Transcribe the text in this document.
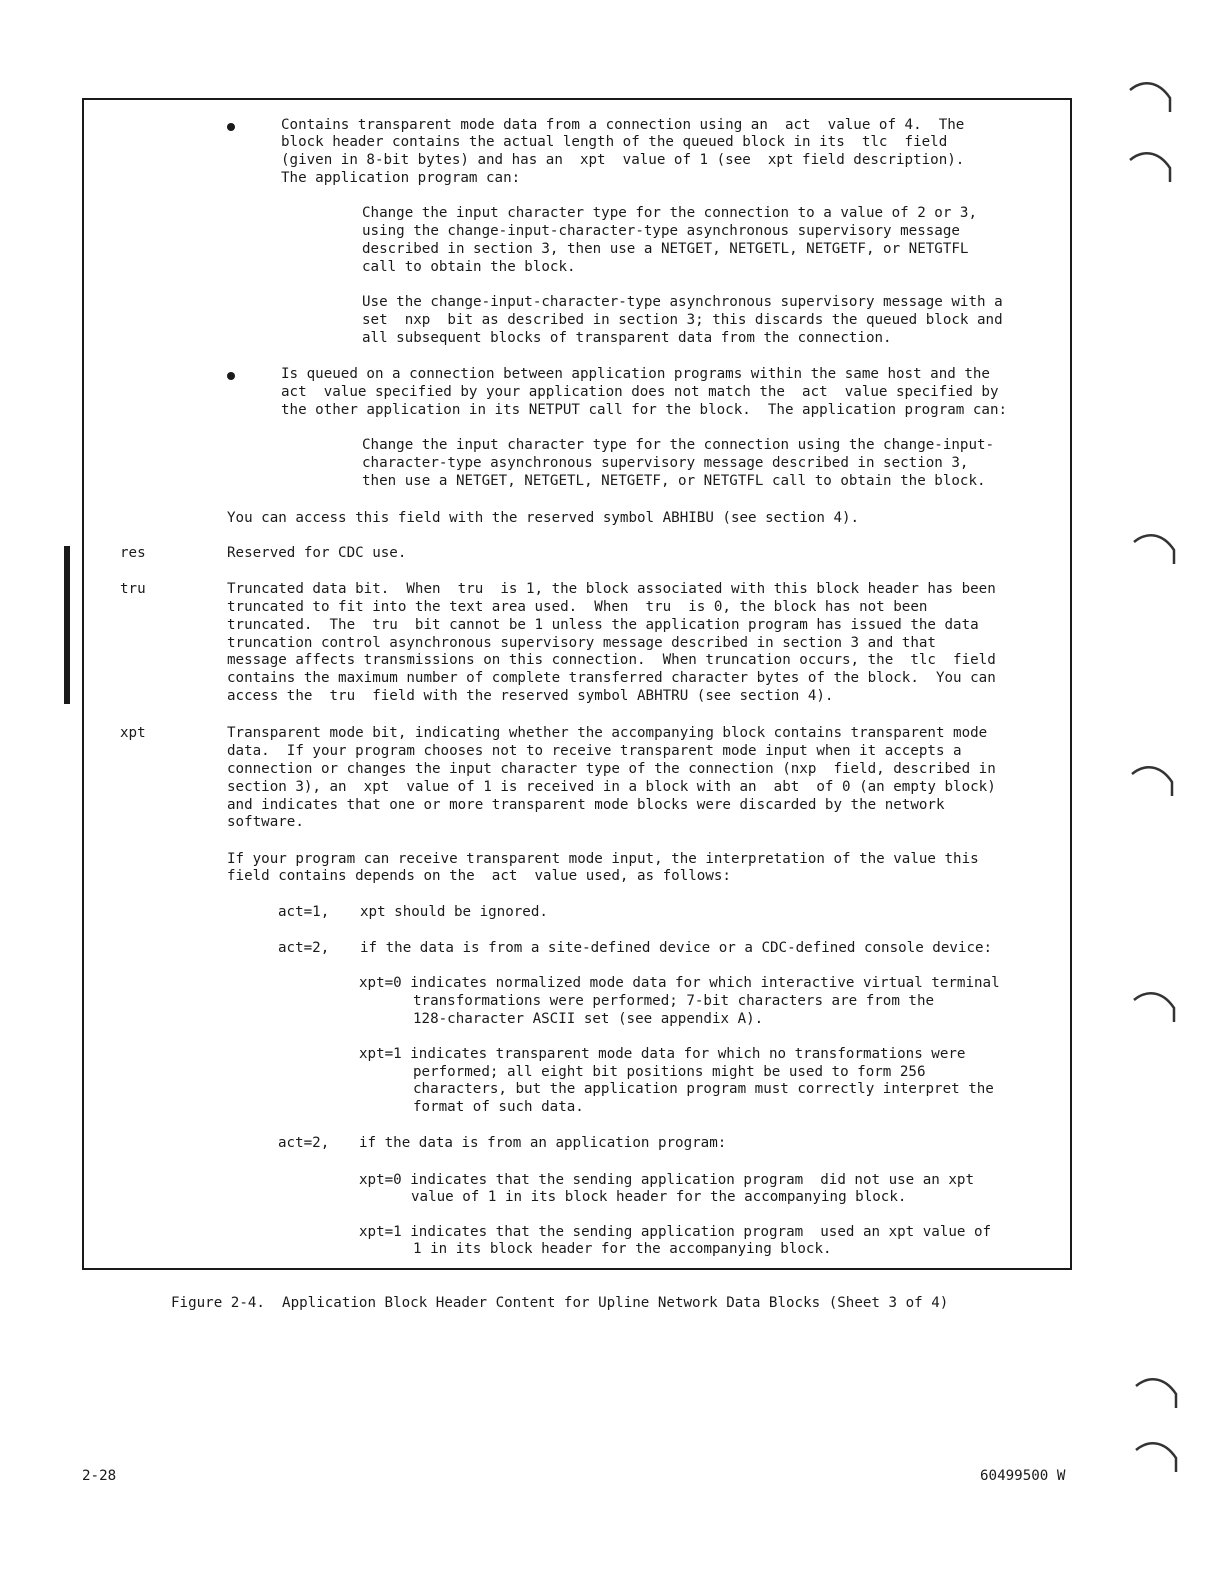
Contains transparent mode data from a connection using an  act  value of 4.  The
block header contains the actual length of the queued block in its  tlc  field
(given in 8-bit bytes) and has an  xpt  value of 1 (see  xpt field description).
The application program can:
Change the input character type for the connection to a value of 2 or 3,
using the change-input-character-type asynchronous supervisory message
described in section 3, then use a NETGET, NETGETL, NETGETF, or NETGTFL
call to obtain the block.
Use the change-input-character-type asynchronous supervisory message with a
set  nxp  bit as described in section 3; this discards the queued block and
all subsequent blocks of transparent data from the connection.
Is queued on a connection between application programs within the same host and the
act  value specified by your application does not match the  act  value specified by
the other application in its NETPUT call for the block.  The application program can:
Change the input character type for the connection using the change-input-
character-type asynchronous supervisory message described in section 3,
then use a NETGET, NETGETL, NETGETF, or NETGTFL call to obtain the block.
You can access this field with the reserved symbol ABHIBU (see section 4).
res	Reserved for CDC use.
tru	Truncated data bit.  When  tru  is 1, the block associated with this block header has been
truncated to fit into the text area used.  When  tru  is 0, the block has not been
truncated.  The  tru  bit cannot be 1 unless the application program has issued the data
truncation control asynchronous supervisory message described in section 3 and that
message affects transmissions on this connection.  When truncation occurs, the  tlc  field
contains the maximum number of complete transferred character bytes of the block.  You can
access the  tru  field with the reserved symbol ABHTRU (see section 4).
xpt	Transparent mode bit, indicating whether the accompanying block contains transparent mode
data.  If your program chooses not to receive transparent mode input when it accepts a
connection or changes the input character type of the connection (nxp  field, described in
section 3), an  xpt  value of 1 is received in a block with an  abt  of 0 (an empty block)
and indicates that one or more transparent mode blocks were discarded by the network
software.
If your program can receive transparent mode input, the interpretation of the value this
field contains depends on the  act  value used, as follows:
act=1, xpt should be ignored.
act=2, if the data is from a site-defined device or a CDC-defined console device:
xpt=0 indicates normalized mode data for which interactive virtual terminal
transformations were performed; 7-bit characters are from the
128-character ASCII set (see appendix A).
xpt=1 indicates transparent mode data for which no transformations were
performed; all eight bit positions might be used to form 256
characters, but the application program must correctly interpret the
format of such data.
act=2, if the data is from an application program:
xpt=0 indicates that the sending application program  did not use an xpt
value of 1 in its block header for the accompanying block.
xpt=1 indicates that the sending application program  used an xpt value of
1 in its block header for the accompanying block.
Figure 2-4.  Application Block Header Content for Upline Network Data Blocks (Sheet 3 of 4)
2-28	60499500 W
